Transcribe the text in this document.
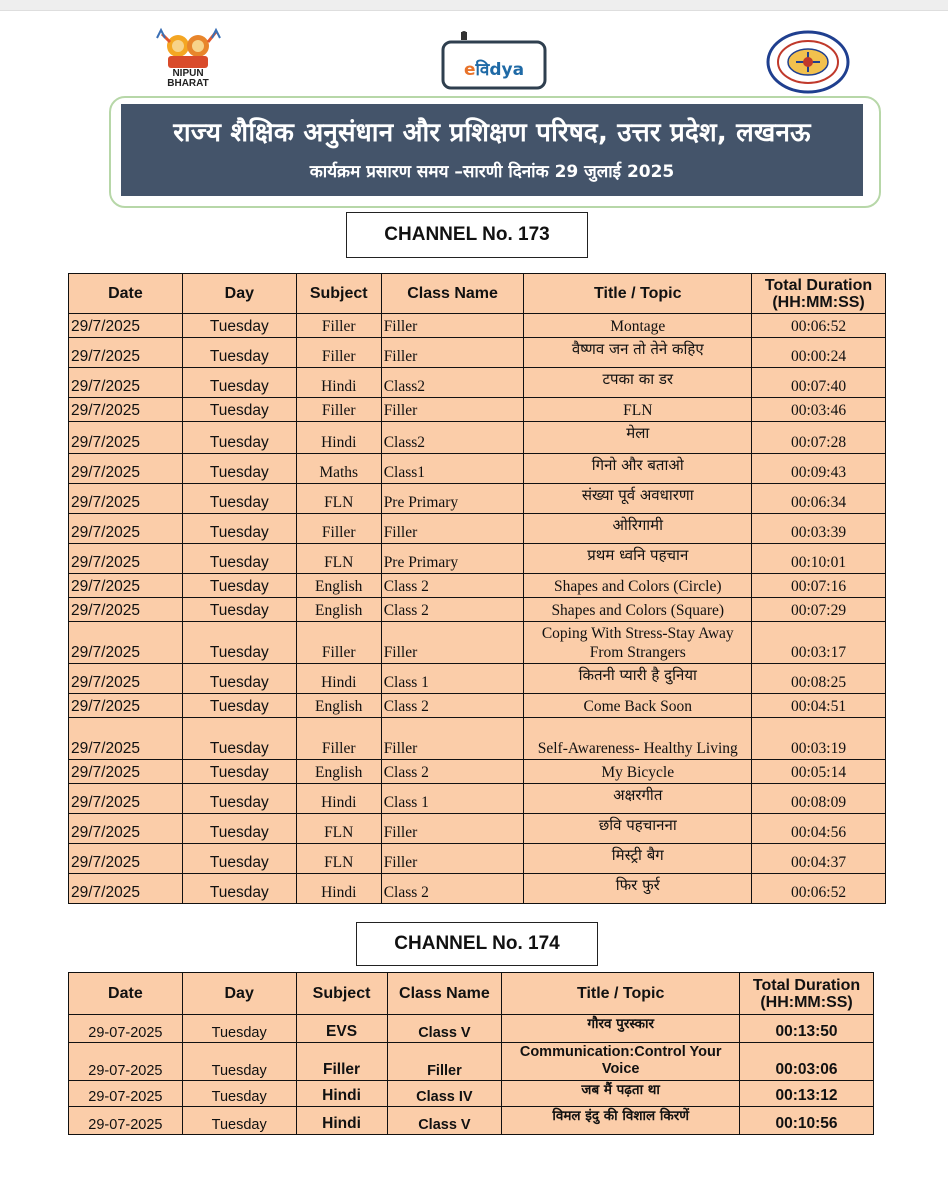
NIPUN BHARAT
eविdya
राज्य शैक्षिक अनुसंधान और प्रशिक्षण परिषद, उत्तर प्रदेश, लखनऊ
कार्यक्रम प्रसारण समय –सारणी दिनांक 29 जुलाई 2025
CHANNEL No. 173
Date	Day	Subject	Class Name	Title / Topic	Total Duration
(HH:MM:SS)
29/7/2025	Tuesday	Filler	Filler	Montage	00:06:52
29/7/2025	Tuesday	Filler	Filler	वैष्णव जन तो तेने कहिए	00:00:24
29/7/2025	Tuesday	Hindi	Class2	टपका का डर	00:07:40
29/7/2025	Tuesday	Filler	Filler	FLN	00:03:46
29/7/2025	Tuesday	Hindi	Class2	मेला	00:07:28
29/7/2025	Tuesday	Maths	Class1	गिनो और बताओ	00:09:43
29/7/2025	Tuesday	FLN	Pre Primary	संख्या पूर्व अवधारणा	00:06:34
29/7/2025	Tuesday	Filler	Filler	ओरिगामी	00:03:39
29/7/2025	Tuesday	FLN	Pre Primary	प्रथम ध्वनि पहचान	00:10:01
29/7/2025	Tuesday	English	Class 2	Shapes and Colors (Circle)	00:07:16
29/7/2025	Tuesday	English	Class 2	Shapes and Colors (Square)	00:07:29
29/7/2025	Tuesday	Filler	Filler	Coping With Stress-Stay Away From Strangers	00:03:17
29/7/2025	Tuesday	Hindi	Class 1	कितनी प्यारी है दुनिया	00:08:25
29/7/2025	Tuesday	English	Class 2	Come Back Soon	00:04:51
29/7/2025	Tuesday	Filler	Filler	Self-Awareness- Healthy Living	00:03:19
29/7/2025	Tuesday	English	Class 2	My Bicycle	00:05:14
29/7/2025	Tuesday	Hindi	Class 1	अक्षरगीत	00:08:09
29/7/2025	Tuesday	FLN	Filler	छवि पहचानना	00:04:56
29/7/2025	Tuesday	FLN	Filler	मिस्ट्री बैग	00:04:37
29/7/2025	Tuesday	Hindi	Class 2	फिर फुर्र	00:06:52
CHANNEL No. 174
Date	Day	Subject	Class Name	Title / Topic	Total Duration
(HH:MM:SS)
29-07-2025	Tuesday	EVS	Class V	गौरव पुरस्कार	00:13:50
29-07-2025	Tuesday	Filler	Filler	Communication:Control Your Voice	00:03:06
29-07-2025	Tuesday	Hindi	Class IV	जब मैं पढ़ता था	00:13:12
29-07-2025	Tuesday	Hindi	Class V	विमल इंदु की विशाल किरणें	00:10:56
